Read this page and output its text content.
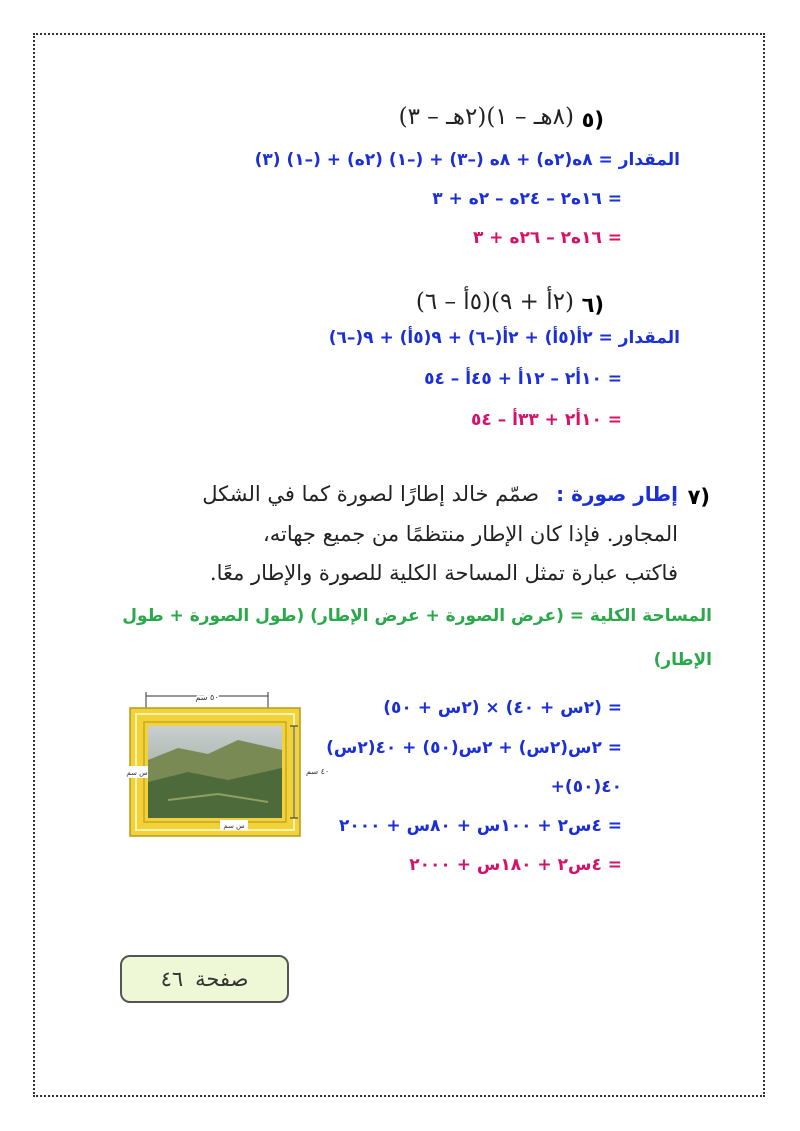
٥)
(٨هـ – ١)(٢هـ – ٣)
المقدار = ٨ه(٢ه) + ٨ه (–٣) + (–١) (٢ه) + (–١) (٣)
= ١٦ه٢ – ٢٤ه – ٢ه + ٣
= ١٦ه٢ – ٢٦ه + ٣
٦)
(٢أ + ٩)(٥أ – ٦)
المقدار = ٢أ(٥أ) + ٢أ(–٦) + ٩(٥أ) + ٩(–٦)
= ١٠أ٢ – ١٢أ + ٤٥أ – ٥٤
= ١٠أ٢ + ٣٣أ – ٥٤
٧)
إطار صورة : صمّم خالد إطارًا لصورة كما في الشكل
المجاور. فإذا كان الإطار منتظمًا من جميع جهاته،
فاكتب عبارة تمثل المساحة الكلية للصورة والإطار معًا.
المساحة الكلية = (عرض الصورة + عرض الإطار) (طول الصورة + طول
الإطار)
= (٢س + ٤٠) × (٢س + ٥٠)
= ٢س(٢س) + ٢س(٥٠) + ٤٠(٢س)
+٤٠(٥٠)
= ٤س٢ + ١٠٠س + ٨٠س + ٢٠٠٠
= ٤س٢ + ١٨٠س + ٢٠٠٠
٥٠ سم
٤٠ سم
س سم
س سم
٤٦ صفحة
